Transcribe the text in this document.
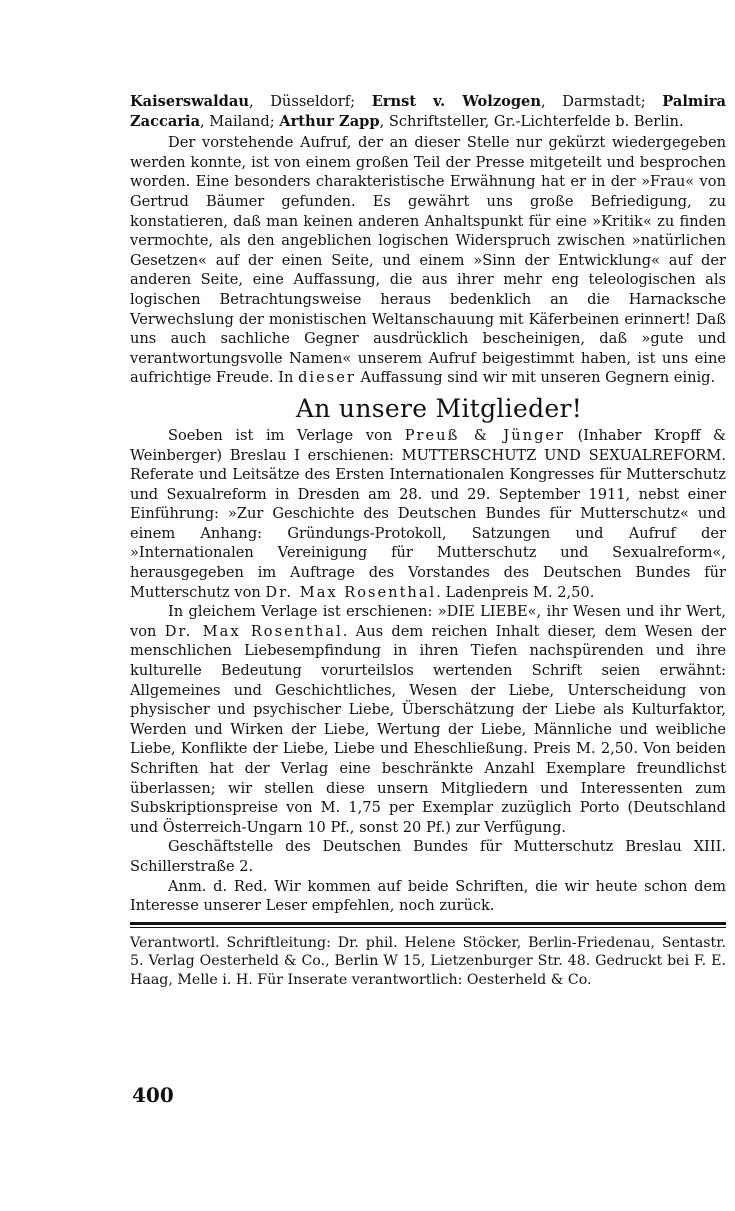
Kaiserswaldau, Düsseldorf; Ernst v. Wolzogen, Darmstadt; Palmira Zaccaria, Mailand; Arthur Zapp, Schriftsteller, Gr.-Lichterfelde b. Berlin.

Der vorstehende Aufruf, der an dieser Stelle nur gekürzt wiedergegeben werden konnte, ist von einem großen Teil der Presse mitgeteilt und besprochen worden. Eine besonders charakteristische Erwähnung hat er in der »Frau« von Gertrud Bäumer gefunden. Es gewährt uns große Befriedigung, zu konstatieren, daß man keinen anderen Anhaltspunkt für eine »Kritik« zu finden vermochte, als den angeblichen logischen Widerspruch zwischen »natürlichen Gesetzen« auf der einen Seite, und einem »Sinn der Entwicklung« auf der anderen Seite, eine Auffassung, die aus ihrer mehr eng teleologischen als logischen Betrachtungsweise heraus bedenklich an die Harnacksche Verwechslung der monistischen Weltanschauung mit Käferbeinen erinnert! Daß uns auch sachliche Gegner ausdrücklich bescheinigen, daß »gute und verantwortungsvolle Namen« unserem Aufruf beigestimmt haben, ist uns eine aufrichtige Freude. In dieser Auffassung sind wir mit unseren Gegnern einig.

An unsere Mitglieder!

Soeben ist im Verlage von Preuß & Jünger (Inhaber Kropff & Weinberger) Breslau I erschienen: MUTTERSCHUTZ UND SEXUALREFORM. Referate und Leitsätze des Ersten Internationalen Kongresses für Mutterschutz und Sexualreform in Dresden am 28. und 29. September 1911, nebst einer Einführung: »Zur Geschichte des Deutschen Bundes für Mutterschutz« und einem Anhang: Gründungs-Protokoll, Satzungen und Aufruf der »Internationalen Vereinigung für Mutterschutz und Sexualreform«, herausgegeben im Auftrage des Vorstandes des Deutschen Bundes für Mutterschutz von Dr. Max Rosenthal. Ladenpreis M. 2,50.

In gleichem Verlage ist erschienen: »DIE LIEBE«, ihr Wesen und ihr Wert, von Dr. Max Rosenthal. Aus dem reichen Inhalt dieser, dem Wesen der menschlichen Liebesempfindung in ihren Tiefen nachspürenden und ihre kulturelle Bedeutung vorurteilslos wertenden Schrift seien erwähnt: Allgemeines und Geschichtliches, Wesen der Liebe, Unterscheidung von physischer und psychischer Liebe, Überschätzung der Liebe als Kulturfaktor, Werden und Wirken der Liebe, Wertung der Liebe, Männliche und weibliche Liebe, Konflikte der Liebe, Liebe und Eheschließung. Preis M. 2,50. Von beiden Schriften hat der Verlag eine beschränkte Anzahl Exemplare freundlichst überlassen; wir stellen diese unsern Mitgliedern und Interessenten zum Subskriptionspreise von M. 1,75 per Exemplar zuzüglich Porto (Deutschland und Österreich-Ungarn 10 Pf., sonst 20 Pf.) zur Verfügung.

Geschäftstelle des Deutschen Bundes für Mutterschutz Breslau XIII. Schillerstraße 2.

Anm. d. Red. Wir kommen auf beide Schriften, die wir heute schon dem Interesse unserer Leser empfehlen, noch zurück.

Verantwortl. Schriftleitung: Dr. phil. Helene Stöcker, Berlin-Friedenau, Sentastr. 5. Verlag Oesterheld & Co., Berlin W 15, Lietzenburger Str. 48. Gedruckt bei F. E. Haag, Melle i. H. Für Inserate verantwortlich: Oesterheld & Co.

400
